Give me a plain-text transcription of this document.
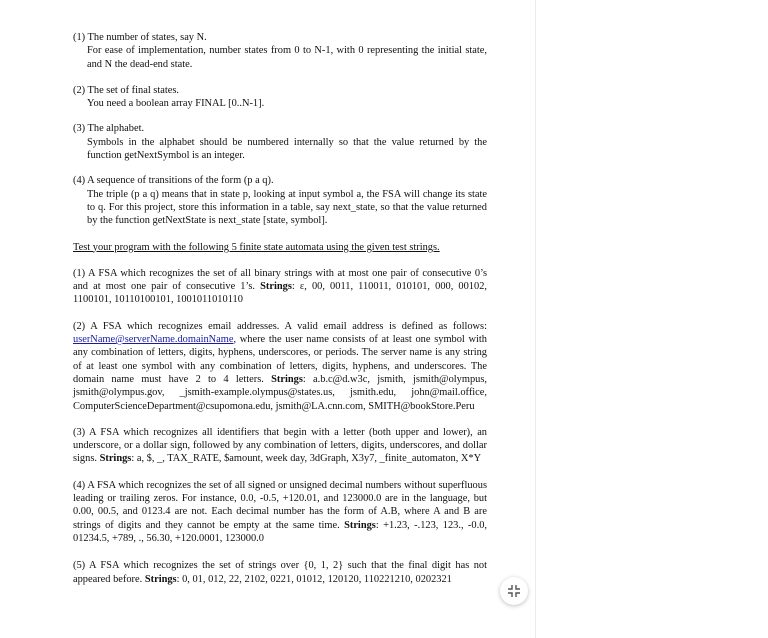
(1) The number of states, say N.
For ease of implementation, number states from 0 to N-1, with 0 representing the initial state, and N the dead-end state.
(2) The set of final states.
You need a boolean array FINAL [0..N-1].
(3) The alphabet.
Symbols in the alphabet should be numbered internally so that the value returned by the function getNextSymbol is an integer.
(4) A sequence of transitions of the form (p a q).
The triple (p a q) means that in state p, looking at input symbol a, the FSA will change its state to q. For this project, store this information in a table, say next_state, so that the value returned by the function getNextState is next_state [state, symbol].
Test your program with the following 5 finite state automata using the given test strings.
(1) A FSA which recognizes the set of all binary strings with at most one pair of consecutive 0’s and at most one pair of consecutive 1’s. Strings: ε, 00, 0011, 110011, 010101, 000, 00102, 1100101, 10110100101, 1001011010110
(2) A FSA which recognizes email addresses. A valid email address is defined as follows: userName@serverName.domainName, where the user name consists of at least one symbol with any combination of letters, digits, hyphens, underscores, or periods. The server name is any string of at least one symbol with any combination of letters, digits, hyphens, and underscores. The domain name must have 2 to 4 letters. Strings: a.b.c@d.w3c, jsmith, jsmith@olympus, jsmith@olympus.gov, _jsmith-example.olympus@states.us, jsmith.edu, john@mail.office, ComputerScienceDepartment@csupomona.edu, jsmith@LA.cnn.com, SMITH@bookStore.Peru
(3) A FSA which recognizes all identifiers that begin with a letter (both upper and lower), an underscore, or a dollar sign, followed by any combination of letters, digits, underscores, and dollar signs. Strings: a, $, _, TAX_RATE, $amount, week day, 3dGraph, X3y7, _finite_automaton, X*Y
(4) A FSA which recognizes the set of all signed or unsigned decimal numbers without superfluous leading or trailing zeros. For instance, 0.0, -0.5, +120.01, and 123000.0 are in the language, but 0.00, 00.5, and 0123.4 are not. Each decimal number has the form of A.B, where A and B are strings of digits and they cannot be empty at the same time. Strings: +1.23, -.123, 123., -0.0, 01234.5, +789, ., 56.30, +120.0001, 123000.0
(5) A FSA which recognizes the set of strings over {0, 1, 2} such that the final digit has not appeared before. Strings: 0, 01, 012, 22, 2102, 0221, 01012, 120120, 110221210, 0202321
